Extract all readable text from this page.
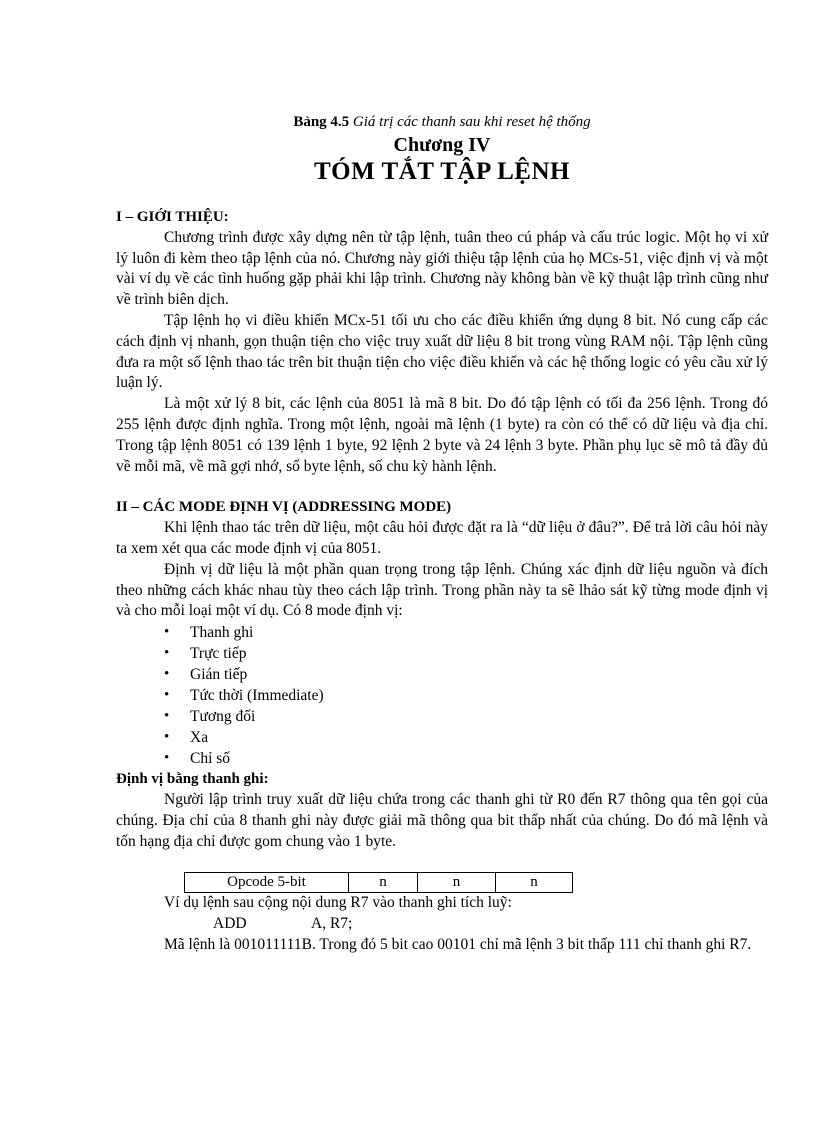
Bảng 4.5 Giá trị các thanh sau khi reset hệ thống

Chương IV

TÓM TẮT TẬP LỆNH

I – GIỚI THIỆU:

Chương trình được xây dựng nên từ tập lệnh, tuân theo cú pháp và cấu trúc logic. Một họ vi xử lý luôn đi kèm theo tập lệnh của nó. Chương này giới thiệu tập lệnh của họ MCs-51, việc định vị và một vài ví dụ về các tình huống gặp phải khi lập trình. Chương này không bàn về kỹ thuật lập trình cũng như về trình biên dịch.

Tập lệnh họ vi điều khiển MCx-51 tối ưu cho các điều khiển ứng dụng 8 bit. Nó cung cấp các cách định vị nhanh, gọn thuận tiện cho việc truy xuất dữ liệu 8 bit trong vùng RAM nội. Tập lệnh cũng đưa ra một số lệnh thao tác trên bit thuận tiện cho việc điều khiển và các hệ thống logic có yêu cầu xử lý luận lý.

Là một xử lý 8 bit, các lệnh của 8051 là mã 8 bit. Do đó tập lệnh có tối đa 256 lệnh. Trong đó 255 lệnh được định nghĩa. Trong một lệnh, ngoài mã lệnh (1 byte) ra còn có thể có dữ liệu và địa chỉ. Trong tập lệnh 8051 có 139 lệnh 1 byte, 92 lệnh 2 byte và 24 lệnh 3 byte. Phần phụ lục sẽ mô tả đầy đủ về mỗi mã, về mã gợi nhớ, số byte lệnh, số chu kỳ hành lệnh.

II – CÁC MODE ĐỊNH VỊ (ADDRESSING MODE)

Khi lệnh thao tác trên dữ liệu, một câu hỏi được đặt ra là “dữ liệu ở đâu?”. Để trả lời câu hỏi này ta xem xét qua các mode định vị của 8051.

Định vị dữ liệu là một phần quan trọng trong tập lệnh. Chúng xác định dữ liệu nguồn và đích theo những cách khác nhau tùy theo cách lập trình. Trong phần này ta sẽ lhảo sát kỹ từng mode định vị và cho mỗi loại một ví dụ. Có 8 mode định vị:

• Thanh ghi
• Trực tiếp
• Gián tiếp
• Tức thời (Immediate)
• Tương đối
• Xa
• Chỉ số

Định vị bằng thanh ghi:

Người lập trình truy xuất dữ liệu chứa trong các thanh ghi từ R0 đến R7 thông qua tên gọi của chúng. Địa chỉ của 8 thanh ghi này được giải mã thông qua bit thấp nhất của chúng. Do đó mã lệnh và tốn hạng địa chỉ được gom chung vào 1 byte.

Opcode 5-bit	n	n	n

Ví dụ lệnh sau cộng nội dung R7 vào thanh ghi tích luỹ:

ADD	A, R7;

Mã lệnh là 001011111B. Trong đó 5 bit cao 00101 chỉ mã lệnh 3 bit thấp 111 chỉ thanh ghi R7.
